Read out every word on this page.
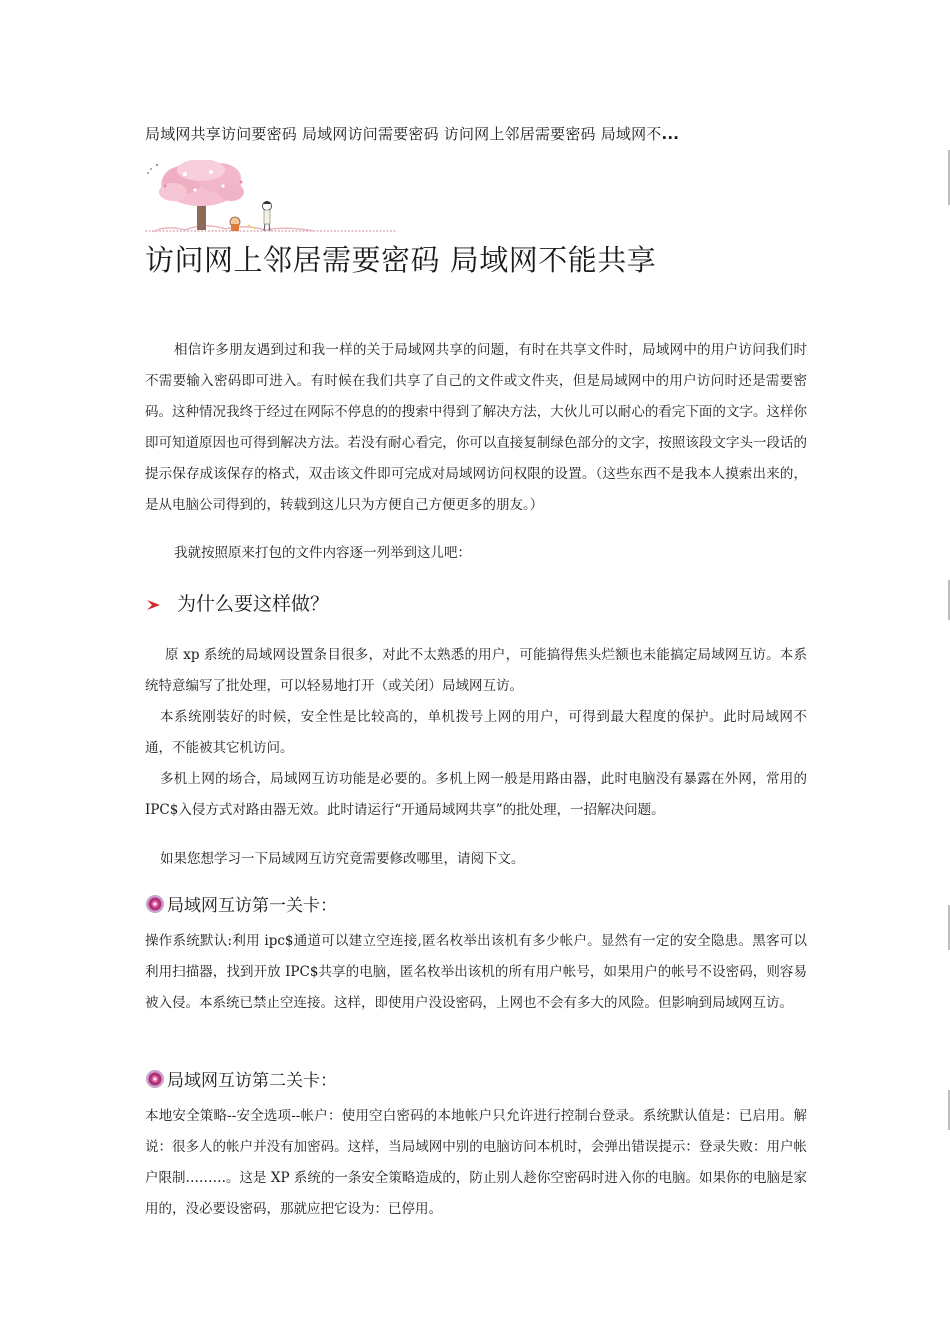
局域网共享访问要密码 局域网访问需要密码 访问网上邻居需要密码 局域网不...
访问网上邻居需要密码 局域网不能共享
相信许多朋友遇到过和我一样的关于局域网共享的问题，有时在共享文件时，局域网中的用户访问我们时不需要输入密码即可进入。有时候在我们共享了自己的文件或文件夹，但是局域网中的用户访问时还是需要密码。这种情况我终于经过在网际不停息的的搜索中得到了解决方法，大伙儿可以耐心的看完下面的文字。这样你即可知道原因也可得到解决方法。若没有耐心看完，你可以直接复制绿色部分的文字，按照该段文字头一段话的提示保存成该保存的格式，双击该文件即可完成对局域网访问权限的设置。（这些东西不是我本人摸索出来的，是从电脑公司得到的，转载到这儿只为方便自己方便更多的朋友。）
我就按照原来打包的文件内容逐一列举到这儿吧：
为什么要这样做？
原 xp 系统的局域网设置条目很多，对此不太熟悉的用户，可能搞得焦头烂额也未能搞定局域网互访。本系统特意编写了批处理，可以轻易地打开（或关闭）局域网互访。
本系统刚装好的时候，安全性是比较高的，单机拨号上网的用户，可得到最大程度的保护。此时局域网不通，不能被其它机访问。
多机上网的场合，局域网互访功能是必要的。多机上网一般是用路由器，此时电脑没有暴露在外网，常用的 IPC$入侵方式对路由器无效。此时请运行“开通局域网共享”的批处理，一招解决问题。
如果您想学习一下局域网互访究竟需要修改哪里，请阅下文。
局域网互访第一关卡：
操作系统默认:利用 ipc$通道可以建立空连接,匿名枚举出该机有多少帐户。显然有一定的安全隐患。黑客可以利用扫描器，找到开放 IPC$共享的电脑，匿名枚举出该机的所有用户帐号，如果用户的帐号不设密码，则容易被入侵。本系统已禁止空连接。这样，即使用户没设密码，上网也不会有多大的风险。但影响到局域网互访。
局域网互访第二关卡：
本地安全策略--安全选项--帐户：使用空白密码的本地帐户只允许进行控制台登录。系统默认值是：已启用。解说：很多人的帐户并没有加密码。这样，当局域网中别的电脑访问本机时，会弹出错误提示：登录失败：用户帐户限制………。这是 XP 系统的一条安全策略造成的，防止别人趁你空密码时进入你的电脑。如果你的电脑是家用的，没必要设密码，那就应把它设为：已停用。
